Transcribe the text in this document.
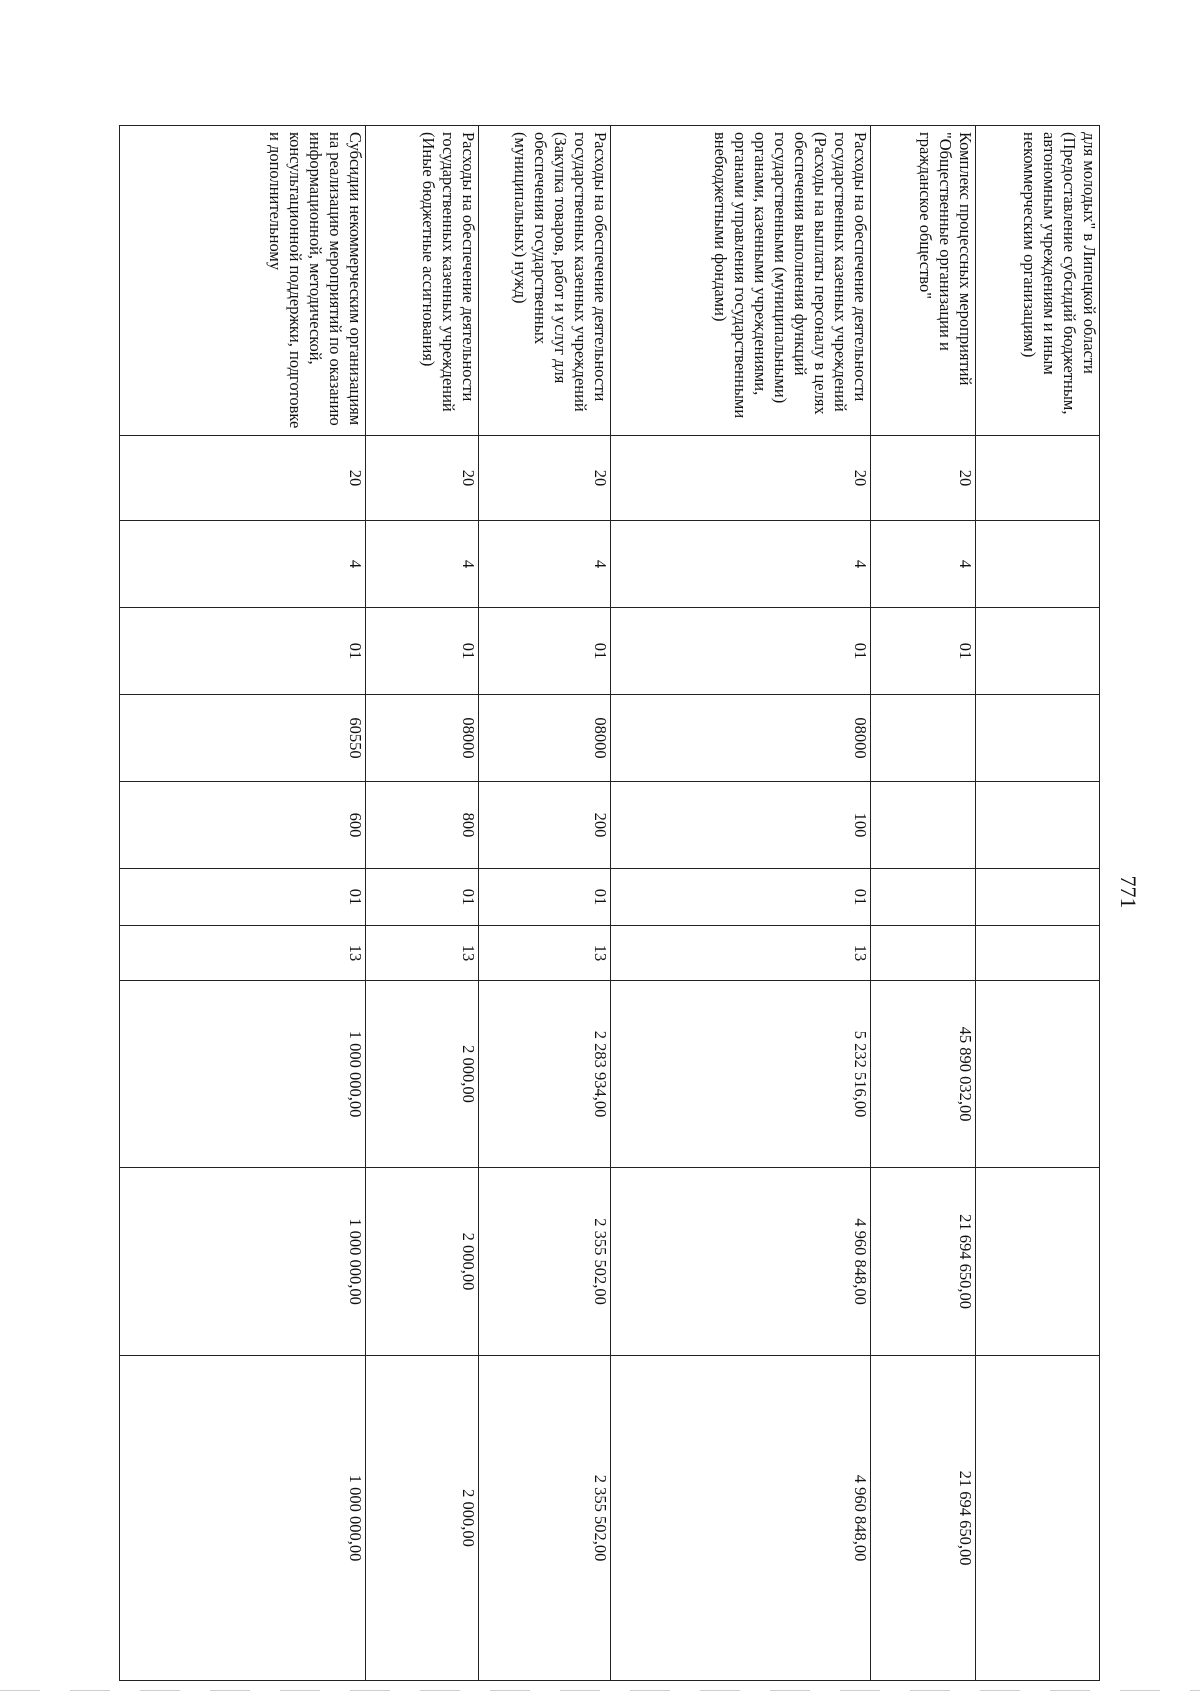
771
для молодых" в Липецкой области (Предоставление субсидий бюджетным, автономным учреждениям и иным некоммерческим организациям)										
Комплекс процессных мероприятий "Общественные организации и гражданское общество"	20	4	01					45 890 032,00	21 694 650,00	21 694 650,00
Расходы на обеспечение деятельности государственных казенных учреждений (Расходы на выплаты персоналу в целях обеспечения выполнения функций государственными (муниципальными) органами, казенными учреждениями, органами управления государственными внебюджетными фондами)	20	4	01	08000	100	01	13	5 232 516,00	4 960 848,00	4 960 848,00
Расходы на обеспечение деятельности государственных казенных учреждений (Закупка товаров, работ и услуг для обеспечения государственных (муниципальных) нужд)	20	4	01	08000	200	01	13	2 283 934,00	2 355 502,00	2 355 502,00
Расходы на обеспечение деятельности государственных казенных учреждений (Иные бюджетные ассигнования)	20	4	01	08000	800	01	13	2 000,00	2 000,00	2 000,00
Субсидии некоммерческим организациям на реализацию мероприятий по оказанию информационной, методической, консультационной поддержки, подготовке и дополнительному	20	4	01	60550	600	01	13	1 000 000,00	1 000 000,00	1 000 000,00
